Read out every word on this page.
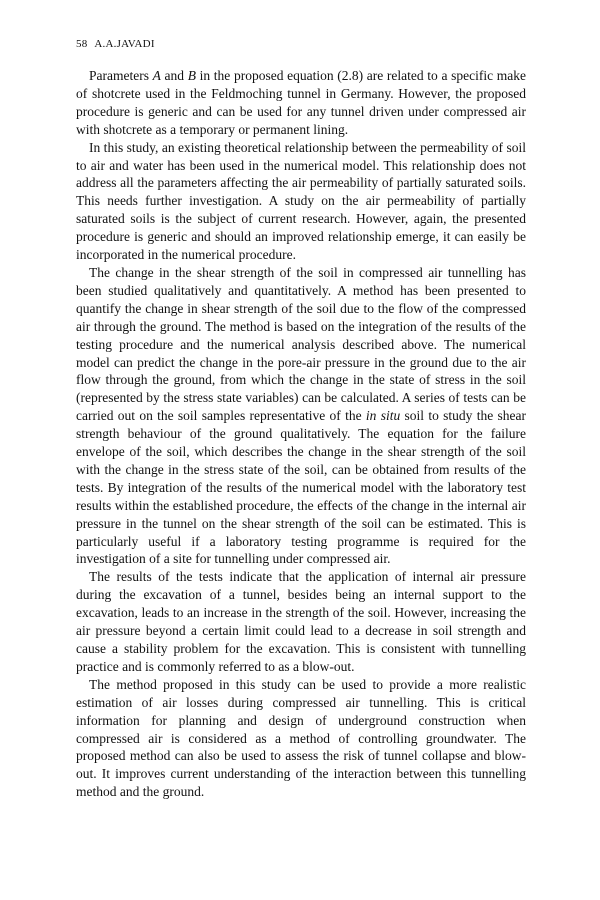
58 A.A.JAVADI

Parameters A and B in the proposed equation (2.8) are related to a specific make of shotcrete used in the Feldmoching tunnel in Germany. However, the proposed procedure is generic and can be used for any tunnel driven under compressed air with shotcrete as a temporary or permanent lining.

In this study, an existing theoretical relationship between the permeability of soil to air and water has been used in the numerical model. This relationship does not address all the parameters affecting the air permeability of partially saturated soils. This needs further investigation. A study on the air permeability of partially saturated soils is the subject of current research. However, again, the presented procedure is generic and should an improved relationship emerge, it can easily be incorporated in the numerical procedure.

The change in the shear strength of the soil in compressed air tunnelling has been studied qualitatively and quantitatively. A method has been presented to quantify the change in shear strength of the soil due to the flow of the compressed air through the ground. The method is based on the integration of the results of the testing procedure and the numerical analysis described above. The numerical model can predict the change in the pore-air pressure in the ground due to the air flow through the ground, from which the change in the state of stress in the soil (represented by the stress state variables) can be calculated. A series of tests can be carried out on the soil samples representative of the in situ soil to study the shear strength behaviour of the ground qualitatively. The equation for the failure envelope of the soil, which describes the change in the shear strength of the soil with the change in the stress state of the soil, can be obtained from results of the tests. By integration of the results of the numerical model with the laboratory test results within the established procedure, the effects of the change in the internal air pressure in the tunnel on the shear strength of the soil can be estimated. This is particularly useful if a laboratory testing programme is required for the investigation of a site for tunnelling under compressed air.

The results of the tests indicate that the application of internal air pressure during the excavation of a tunnel, besides being an internal support to the excavation, leads to an increase in the strength of the soil. However, increasing the air pressure beyond a certain limit could lead to a decrease in soil strength and cause a stability problem for the excavation. This is consistent with tunnelling practice and is commonly referred to as a blow-out.

The method proposed in this study can be used to provide a more realistic estimation of air losses during compressed air tunnelling. This is critical information for planning and design of underground construction when compressed air is considered as a method of controlling groundwater. The proposed method can also be used to assess the risk of tunnel collapse and blow-out. It improves current understanding of the interaction between this tunnelling method and the ground.
